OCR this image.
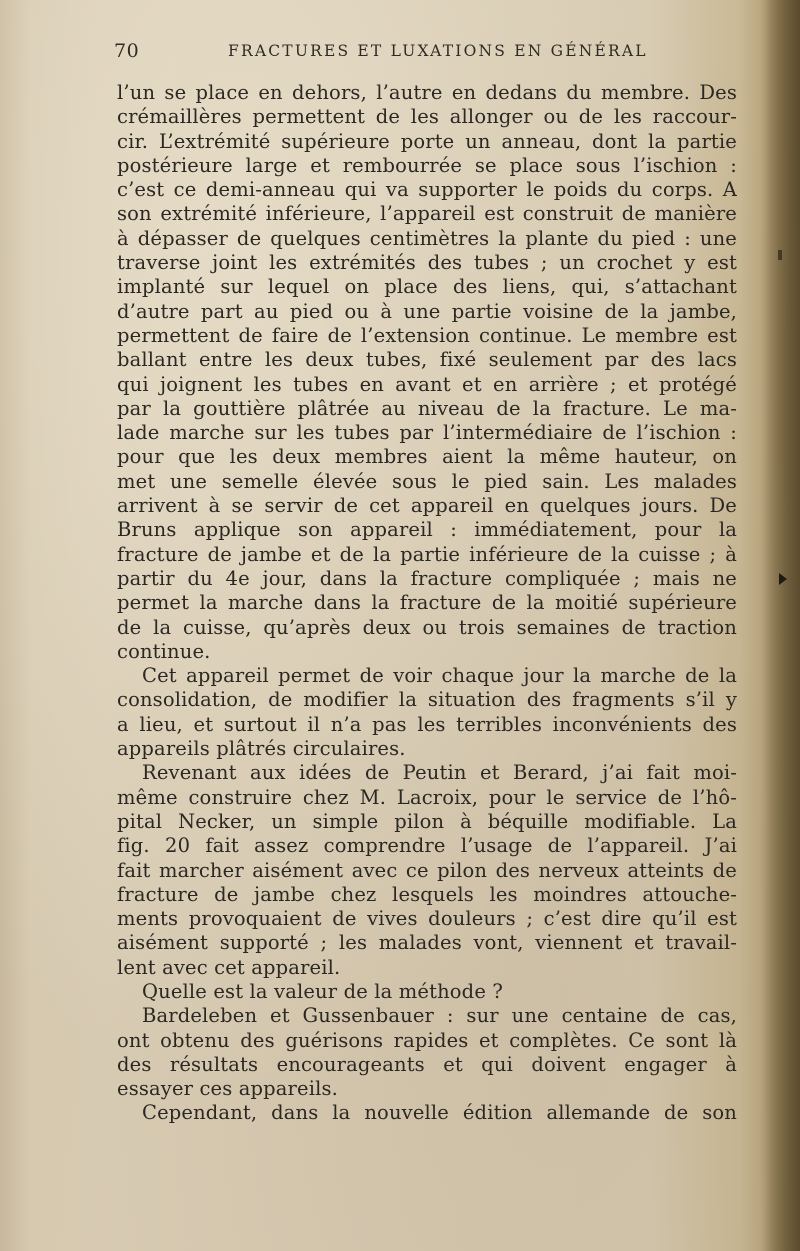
70	FRACTURES ET LUXATIONS EN GÉNÉRAL
l’un se place en dehors, l’autre en dedans du membre. Des
crémaillères permettent de les allonger ou de les raccour-
cir. L’extrémité supérieure porte un anneau, dont la partie
postérieure large et rembourrée se place sous l’ischion :
c’est ce demi-anneau qui va supporter le poids du corps. A
son extrémité inférieure, l’appareil est construit de manière
à dépasser de quelques centimètres la plante du pied : une
traverse joint les extrémités des tubes ; un crochet y est
implanté sur lequel on place des liens, qui, s’attachant
d’autre part au pied ou à une partie voisine de la jambe,
permettent de faire de l’extension continue. Le membre est
ballant entre les deux tubes, fixé seulement par des lacs
qui joignent les tubes en avant et en arrière ; et protégé
par la gouttière plâtrée au niveau de la fracture. Le ma-
lade marche sur les tubes par l’intermédiaire de l’ischion :
pour que les deux membres aient la même hauteur, on
met une semelle élevée sous le pied sain. Les malades
arrivent à se servir de cet appareil en quelques jours. De
Bruns applique son appareil : immédiatement, pour la
fracture de jambe et de la partie inférieure de la cuisse ; à
partir du 4e jour, dans la fracture compliquée ; mais ne
permet la marche dans la fracture de la moitié supérieure
de la cuisse, qu’après deux ou trois semaines de traction
continue.
Cet appareil permet de voir chaque jour la marche de la
consolidation, de modifier la situation des fragments s’il y
a lieu, et surtout il n’a pas les terribles inconvénients des
appareils plâtrés circulaires.
Revenant aux idées de Peutin et Berard, j’ai fait moi-
même construire chez M. Lacroix, pour le service de l’hô-
pital Necker, un simple pilon à béquille modifiable. La
fig. 20 fait assez comprendre l’usage de l’appareil. J’ai
fait marcher aisément avec ce pilon des nerveux atteints de
fracture de jambe chez lesquels les moindres attouche-
ments provoquaient de vives douleurs ; c’est dire qu’il est
aisément supporté ; les malades vont, viennent et travail-
lent avec cet appareil.
Quelle est la valeur de la méthode ?
Bardeleben et Gussenbauer : sur une centaine de cas,
ont obtenu des guérisons rapides et complètes. Ce sont là
des résultats encourageants et qui doivent engager à
essayer ces appareils.
Cependant, dans la nouvelle édition allemande de son
